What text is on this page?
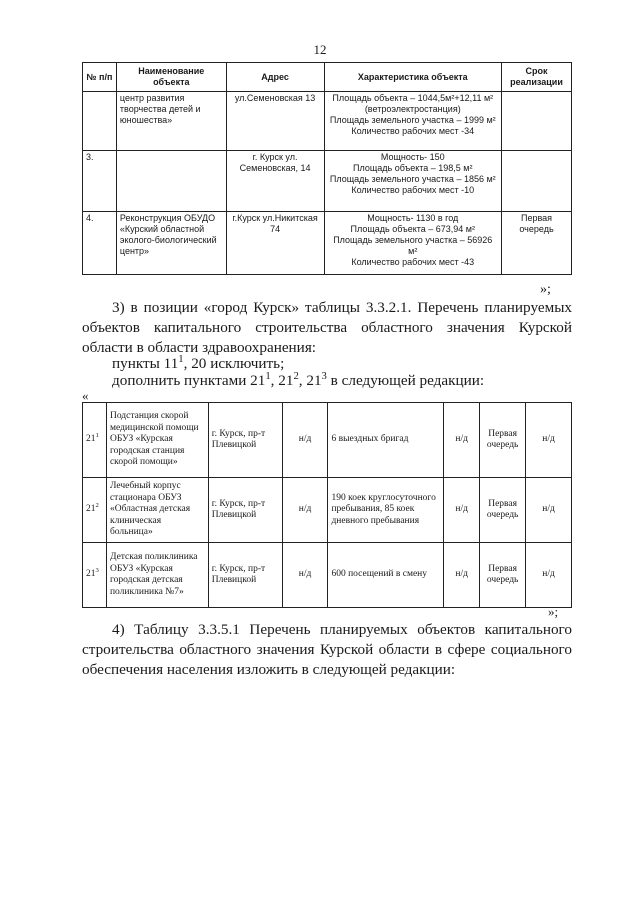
12
№ п/п	Наименование объекта	Адрес	Характеристика объекта	Срок реализации
	центр развития творчества детей и юношества»	ул.Семеновская 13	Площадь объекта – 1044,5м²+12,11 м² (ветроэлектростанция)
Площадь земельного участка – 1999 м²
Количество рабочих мест -34	

3.		г. Курск ул. Семеновская, 14	Мощность- 150
Площадь объекта – 198,5 м²
Площадь земельного участка – 1856 м²
Количество рабочих мест -10	

4.	Реконструкция ОБУДО «Курский областной эколого-биологический центр»	г.Курск ул.Никитская 74	Мощность- 1130 в год
Площадь объекта – 673,94 м²
Площадь земельного участка – 56926 м²
Количество рабочих мест -43	Первая очередь
»;
3) в позиции «город Курск» таблицы 3.3.2.1. Перечень планируемых объектов капитального строительства областного значения Курской области в области здравоохранения:
пункты $11^1$, 20 исключить;
дополнить пунктами $21^1$, $21^2$, $21^3$ в следующей редакции:
«
$21^1$	Подстанция скорой медицинской помощи ОБУЗ «Курская городская станция скорой помощи»	г. Курск, пр-т Плевицкой	н/д	6 выездных бригад	н/д	Первая очередь	н/д
$21^2$	Лечебный корпус стационара ОБУЗ «Областная детская клиническая больница»	г. Курск, пр-т Плевицкой	н/д	190 коек круглосуточного пребывания, 85 коек дневного пребывания	н/д	Первая очередь	н/д
$21^3$	Детская поликлиника ОБУЗ «Курская городская детская поликлиника №7»	г. Курск, пр-т Плевицкой	н/д	600 посещений в смену	н/д	Первая очередь	н/д
»;
4) Таблицу 3.3.5.1 Перечень планируемых объектов капитального строительства областного значения Курской области в сфере социального обеспечения населения изложить в следующей редакции:
